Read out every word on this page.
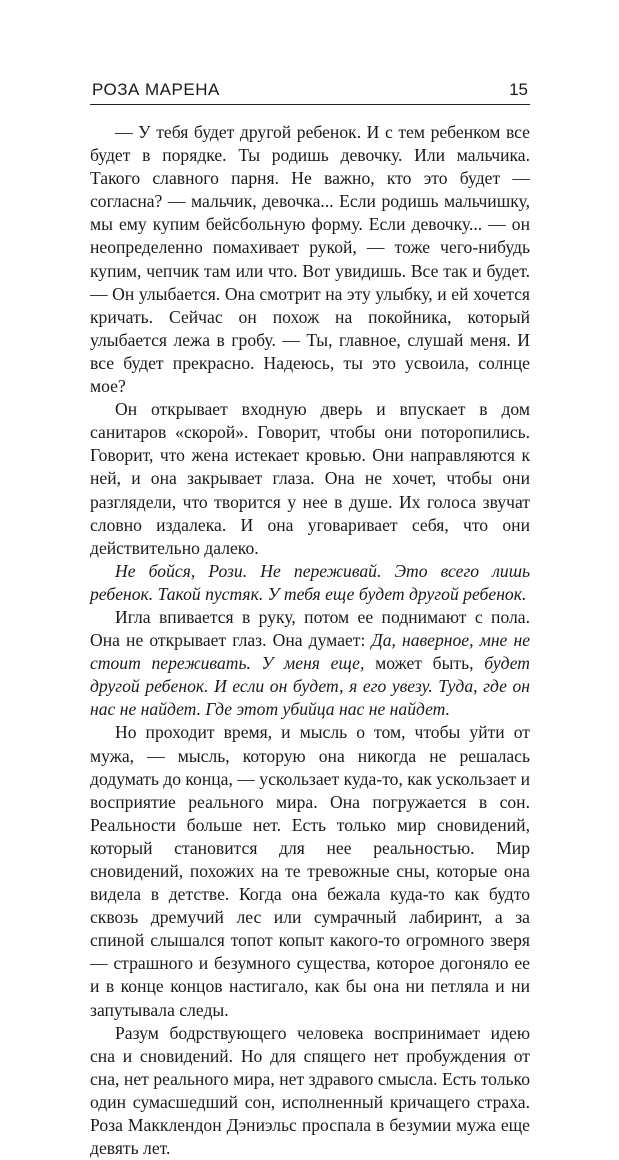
РОЗА МАРЕНА	15

— У тебя будет другой ребенок. И с тем ребенком все будет в порядке. Ты родишь девочку. Или мальчика. Такого славного парня. Не важно, кто это будет — согласна? — мальчик, девочка... Если родишь мальчишку, мы ему купим бейсбольную форму. Если девочку... — он неопределенно помахивает рукой, — тоже чего-нибудь купим, чепчик там или что. Вот увидишь. Все так и будет. — Он улыбается. Она смотрит на эту улыбку, и ей хочется кричать. Сейчас он похож на покойника, который улыбается лежа в гробу. — Ты, главное, слушай меня. И все будет прекрасно. Надеюсь, ты это усвоила, солнце мое?

Он открывает входную дверь и впускает в дом санитаров «скорой». Говорит, чтобы они поторопились. Говорит, что жена истекает кровью. Они направляются к ней, и она закрывает глаза. Она не хочет, чтобы они разглядели, что творится у нее в душе. Их голоса звучат словно издалека. И она уговаривает себя, что они действительно далеко.

Не бойся, Рози. Не переживай. Это всего лишь ребенок. Такой пустяк. У тебя еще будет другой ребенок.

Игла впивается в руку, потом ее поднимают с пола. Она не открывает глаз. Она думает: Да, наверное, мне не стоит переживать. У меня еще, может быть, будет другой ребенок. И если он будет, я его увезу. Туда, где он нас не найдет. Где этот убийца нас не найдет.

Но проходит время, и мысль о том, чтобы уйти от мужа, — мысль, которую она никогда не решалась додумать до конца, — ускользает куда-то, как ускользает и восприятие реального мира. Она погружается в сон. Реальности больше нет. Есть только мир сновидений, который становится для нее реальностью. Мир сновидений, похожих на те тревожные сны, которые она видела в детстве. Когда она бежала куда-то как будто сквозь дремучий лес или сумрачный лабиринт, а за спиной слышался топот копыт какого-то огромного зверя — страшного и безумного существа, которое догоняло ее и в конце концов настигало, как бы она ни петляла и ни запутывала следы.

Разум бодрствующего человека воспринимает идею сна и сновидений. Но для спящего нет пробуждения от сна, нет реального мира, нет здравого смысла. Есть только один сумасшедший сон, исполненный кричащего страха. Роза Макклендон Дэниэльс проспала в безумии мужа еще девять лет.
